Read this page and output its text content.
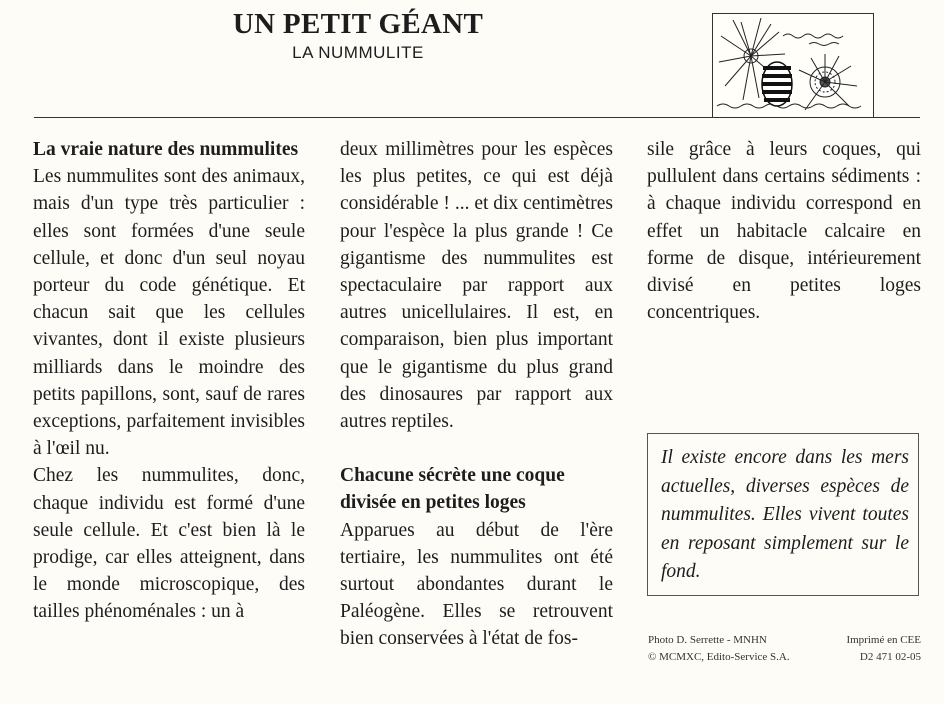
UN PETIT GÉANT
LA NUMMULITE
La vraie nature des nummulites

Les nummulites sont des animaux, mais d'un type très particulier : elles sont formées d'une seule cellule, et donc d'un seul noyau porteur du code génétique. Et chacun sait que les cellules vivantes, dont il existe plusieurs milliards dans le moindre des petits papillons, sont, sauf de rares exceptions, parfaitement invisibles à l'œil nu.

Chez les nummulites, donc, chaque individu est formé d'une seule cellule. Et c'est bien là le prodige, car elles atteignent, dans le monde microscopique, des tailles phénoménales : un à

deux millimètres pour les espèces les plus petites, ce qui est déjà considérable ! ... et dix centimètres pour l'espèce la plus grande ! Ce gigantisme des nummulites est spectaculaire par rapport aux autres unicellulaires. Il est, en comparaison, bien plus important que le gigantisme du plus grand des dinosaures par rapport aux autres reptiles.

Chacune sécrète une coque divisée en petites loges

Apparues au début de l'ère tertiaire, les nummulites ont été surtout abondantes durant le Paléogène. Elles se retrouvent bien conservées à l'état de fos-

sile grâce à leurs coques, qui pullulent dans certains sédiments : à chaque individu correspond en effet un habitacle calcaire en forme de disque, intérieurement divisé en petites loges concentriques.

Il existe encore dans les mers actuelles, diverses espèces de nummulites. Elles vivent toutes en reposant simplement sur le fond.

Photo D. Serrette - MNHN
© MCMXC, Edito-Service S.A.
Imprimé en CEE
D2 471 02-05
